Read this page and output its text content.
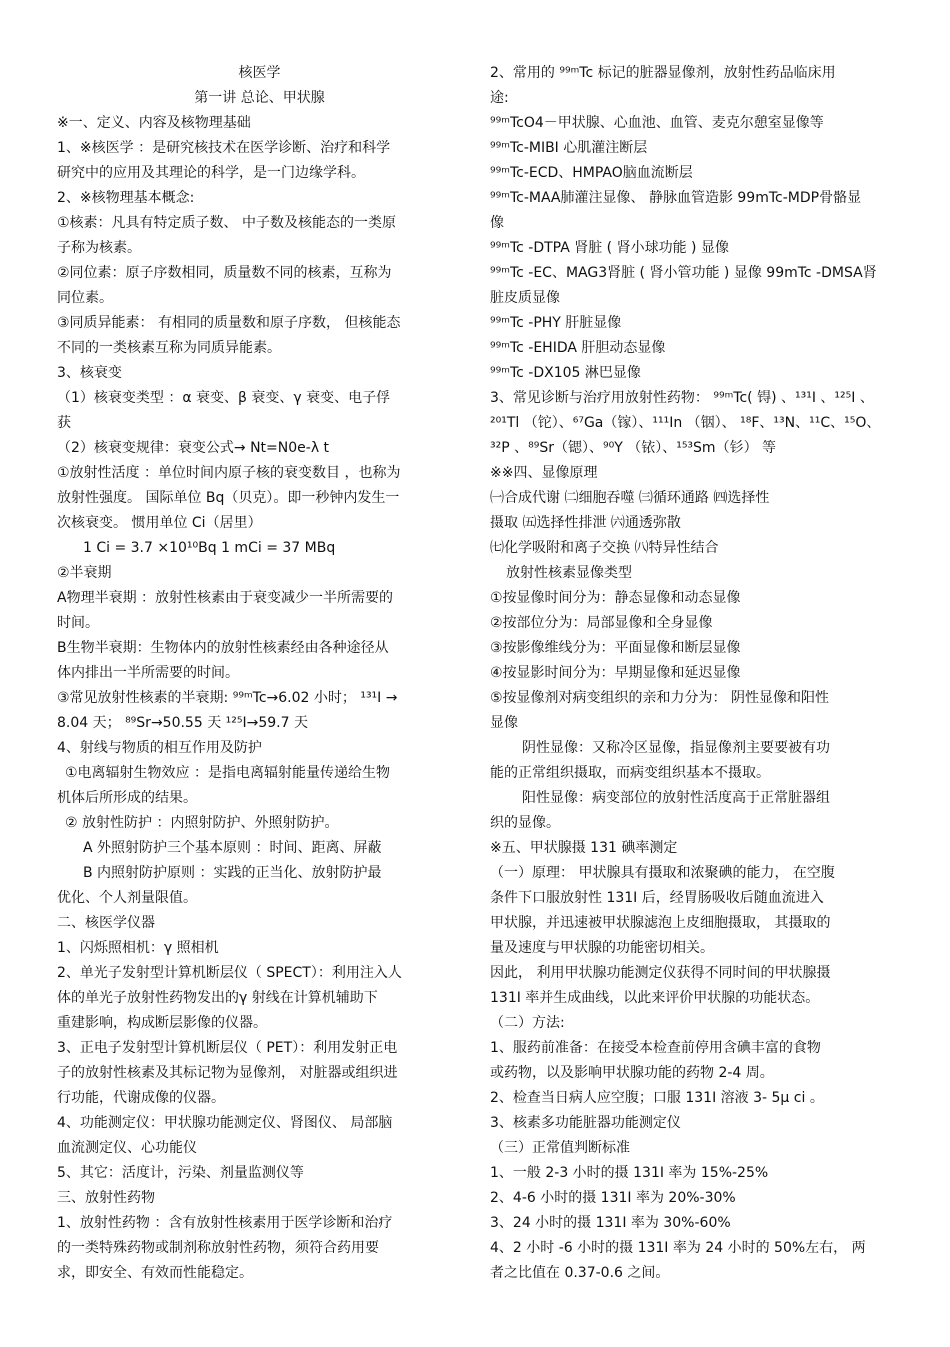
核医学
第一讲 总论、甲状腺
※一、定义、内容及核物理基础
1、※核医学 ：是研究核技术在医学诊断、治疗和科学
研究中的应用及其理论的科学，是一门边缘学科。
2、※核物理基本概念:
①核素：凡具有特定质子数、 中子数及核能态的一类原
子称为核素。
②同位素：原子序数相同，质量数不同的核素，互称为
同位素。
③同质异能素： 有相同的质量数和原子序数， 但核能态
不同的一类核素互称为同质异能素。
3、核衰变
（1）核衰变类型 ：α 衰变、β 衰变、γ 衰变、电子俘
获
（2）核衰变规律：衰变公式→ Nt=N0e-λ t
①放射性活度 ：单位时间内原子核的衰变数目 ，也称为
放射性强度。 国际单位 Bq（贝克）。即一秒钟内发生一
次核衰变。 惯用单位 Ci（居里）
1 Ci = 3.7 ×10¹⁰Bq 1 mCi = 37 MBq
②半衰期
A物理半衰期 ：放射性核素由于衰变减少一半所需要的
时间。
B生物半衰期：生物体内的放射性核素经由各种途径从
体内排出一半所需要的时间。
③常见放射性核素的半衰期: ⁹⁹ᵐTc→6.02 小时； ¹³¹I →
8.04 天； ⁸⁹Sr→50.55 天 ¹²⁵I→59.7 天
4、射线与物质的相互作用及防护
①电离辐射生物效应 ：是指电离辐射能量传递给生物
机体后所形成的结果。
② 放射性防护 ：内照射防护、外照射防护。
A 外照射防护三个基本原则 ：时间、距离、屏蔽
B 内照射防护原则 ：实践的正当化、放射防护最
优化、个人剂量限值。
二、核医学仪器
1、闪烁照相机：γ 照相机
2、单光子发射型计算机断层仪（ SPECT）：利用注入人
体的单光子放射性药物发出的γ 射线在计算机辅助下
重建影响，构成断层影像的仪器。
3、正电子发射型计算机断层仪（ PET）：利用发射正电
子的放射性核素及其标记物为显像剂， 对脏器或组织进
行功能，代谢成像的仪器。
4、功能测定仪：甲状腺功能测定仪、肾图仪、 局部脑
血流测定仪、心功能仪
5、其它：活度计，污染、剂量监测仪等
三、放射性药物
1、放射性药物 ：含有放射性核素用于医学诊断和治疗
的一类特殊药物或制剂称放射性药物，须符合药用要
求，即安全、有效而性能稳定。
2、常用的 ⁹⁹ᵐTc 标记的脏器显像剂，放射性药品临床用
途:
⁹⁹ᵐTcO4－甲状腺、心血池、血管、麦克尔憩室显像等
⁹⁹ᵐTc-MIBI 心肌灌注断层
⁹⁹ᵐTc-ECD、HMPAO脑血流断层
⁹⁹ᵐTc-MAA肺灌注显像、 静脉血管造影 99mTc-MDP骨骼显
像
⁹⁹ᵐTc -DTPA 肾脏 ( 肾小球功能 ) 显像
⁹⁹ᵐTc -EC、MAG3肾脏 ( 肾小管功能 ) 显像 99mTc -DMSA肾
脏皮质显像
⁹⁹ᵐTc -PHY 肝脏显像
⁹⁹ᵐTc -EHIDA 肝胆动态显像
⁹⁹ᵐTc -DX105 淋巴显像
3、常见诊断与治疗用放射性药物： ⁹⁹ᵐTc( 锝) 、¹³¹I 、¹²⁵I 、
²⁰¹Tl （铊）、⁶⁷Ga（镓）、¹¹¹In （铟）、 ¹⁸F、¹³N、¹¹C、¹⁵O、
³²P 、⁸⁹Sr（锶）、⁹⁰Y （铱）、¹⁵³Sm（钐） 等
※※四、显像原理
㈠合成代谢 ㈡细胞吞噬 ㈢循环通路 ㈣选择性
摄取 ㈤选择性排泄 ㈥通透弥散
㈦化学吸附和离子交换 ㈧特异性结合
放射性核素显像类型
①按显像时间分为：静态显像和动态显像
②按部位分为：局部显像和全身显像
③按影像维线分为：平面显像和断层显像
④按显影时间分为：早期显像和延迟显像
⑤按显像剂对病变组织的亲和力分为： 阴性显像和阳性
显像
阴性显像：又称冷区显像，指显像剂主要要被有功
能的正常组织摄取，而病变组织基本不摄取。
阳性显像：病变部位的放射性活度高于正常脏器组
织的显像。
※五、甲状腺摄 131 碘率测定
（一）原理： 甲状腺具有摄取和浓聚碘的能力， 在空腹
条件下口服放射性 131I 后，经胃肠吸收后随血流进入
甲状腺，并迅速被甲状腺滤泡上皮细胞摄取， 其摄取的
量及速度与甲状腺的功能密切相关。
因此， 利用甲状腺功能测定仪获得不同时间的甲状腺摄
131I 率并生成曲线，以此来评价甲状腺的功能状态。
（二）方法:
1、服药前准备：在接受本检查前停用含碘丰富的食物
或药物，以及影响甲状腺功能的药物 2-4 周。
2、检查当日病人应空腹；口服 131I 溶液 3- 5μ ci 。
3、核素多功能脏器功能测定仪
（三）正常值判断标准
1、一般 2-3 小时的摄 131I 率为 15%-25%
2、4-6 小时的摄 131I 率为 20%-30%
3、24 小时的摄 131I 率为 30%-60%
4、2 小时 -6 小时的摄 131I 率为 24 小时的 50%左右， 两
者之比值在 0.37-0.6 之间。
